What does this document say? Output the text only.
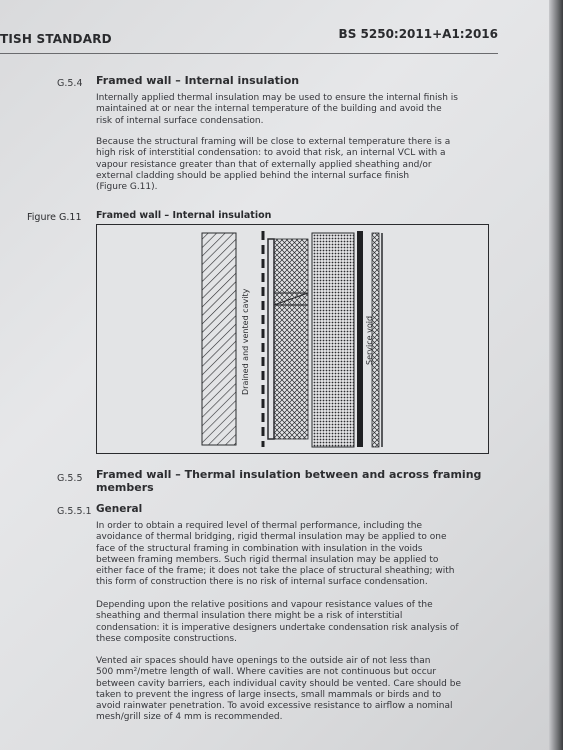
TISH STANDARD	BS 5250:2011+A1:2016
G.5.4 Framed wall – Internal insulation
Internally applied thermal insulation may be used to ensure the internal finish is
maintained at or near the internal temperature of the building and avoid the
risk of internal surface condensation.
Because the structural framing will be close to external temperature there is a
high risk of interstitial condensation: to avoid that risk, an internal VCL with a
vapour resistance greater than that of externally applied sheathing and/or
external cladding should be applied behind the internal surface finish
(Figure G.11).
Figure G.11 Framed wall – Internal insulation
Drained and vented cavity	Service void
G.5.5 Framed wall – Thermal insulation between and across framing
members
G.5.5.1 General
In order to obtain a required level of thermal performance, including the
avoidance of thermal bridging, rigid thermal insulation may be applied to one
face of the structural framing in combination with insulation in the voids
between framing members. Such rigid thermal insulation may be applied to
either face of the frame; it does not take the place of structural sheathing; with
this form of construction there is no risk of internal surface condensation.
Depending upon the relative positions and vapour resistance values of the
sheathing and thermal insulation there might be a risk of interstitial
condensation: it is imperative designers undertake condensation risk analysis of
these composite constructions.
Vented air spaces should have openings to the outside air of not less than
500 mm²/metre length of wall. Where cavities are not continuous but occur
between cavity barriers, each individual cavity should be vented. Care should be
taken to prevent the ingress of large insects, small mammals or birds and to
avoid rainwater penetration. To avoid excessive resistance to airflow a nominal
mesh/grill size of 4 mm is recommended.
